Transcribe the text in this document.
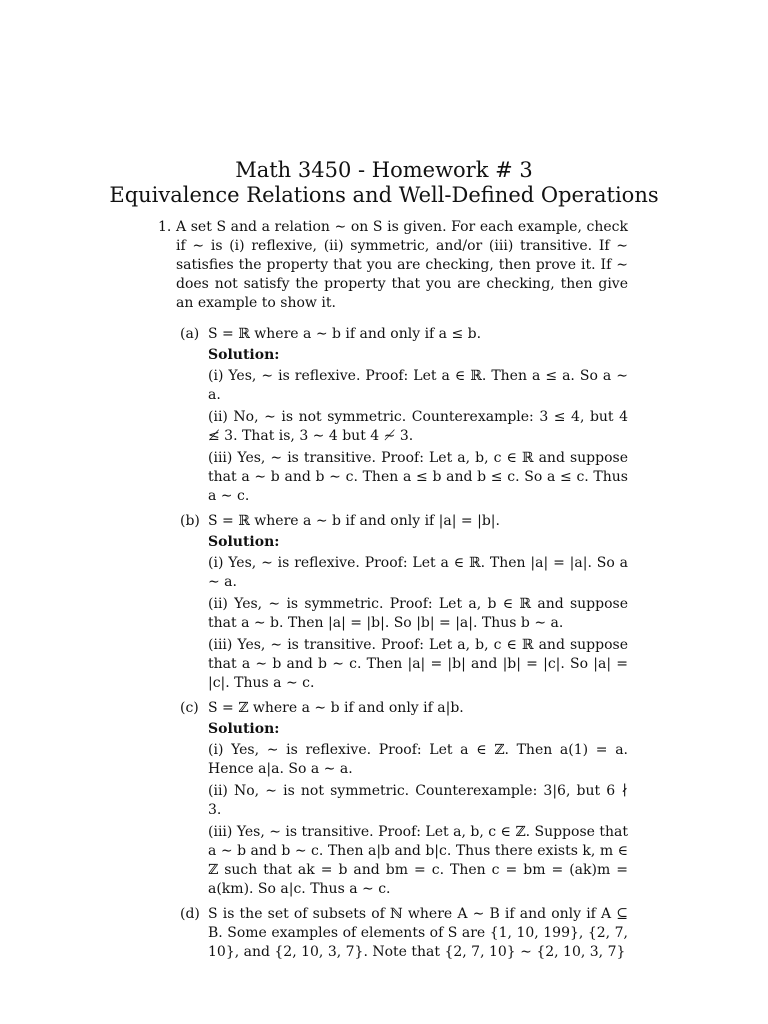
Math 3450 - Homework # 3
Equivalence Relations and Well-Defined Operations
1. A set S and a relation ∼ on S is given. For each example, check if ∼ is (i) reflexive, (ii) symmetric, and/or (iii) transitive. If ∼ satisfies the property that you are checking, then prove it. If ∼ does not satisfy the property that you are checking, then give an example to show it.
(a) S = ℝ where a ∼ b if and only if a ≤ b.
Solution:
(i) Yes, ∼ is reflexive. Proof: Let a ∈ ℝ. Then a ≤ a. So a ∼ a.
(ii) No, ∼ is not symmetric. Counterexample: 3 ≤ 4, but 4 ≰ 3. That is, 3 ∼ 4 but 4 ≁ 3.
(iii) Yes, ∼ is transitive. Proof: Let a, b, c ∈ ℝ and suppose that a ∼ b and b ∼ c. Then a ≤ b and b ≤ c. So a ≤ c. Thus a ∼ c.
(b) S = ℝ where a ∼ b if and only if |a| = |b|.
Solution:
(i) Yes, ∼ is reflexive. Proof: Let a ∈ ℝ. Then |a| = |a|. So a ∼ a.
(ii) Yes, ∼ is symmetric. Proof: Let a, b ∈ ℝ and suppose that a ∼ b. Then |a| = |b|. So |b| = |a|. Thus b ∼ a.
(iii) Yes, ∼ is transitive. Proof: Let a, b, c ∈ ℝ and suppose that a ∼ b and b ∼ c. Then |a| = |b| and |b| = |c|. So |a| = |c|. Thus a ∼ c.
(c) S = ℤ where a ∼ b if and only if a|b.
Solution:
(i) Yes, ∼ is reflexive. Proof: Let a ∈ ℤ. Then a(1) = a. Hence a|a. So a ∼ a.
(ii) No, ∼ is not symmetric. Counterexample: 3|6, but 6 ∤ 3.
(iii) Yes, ∼ is transitive. Proof: Let a, b, c ∈ ℤ. Suppose that a ∼ b and b ∼ c. Then a|b and b|c. Thus there exists k, m ∈ ℤ such that ak = b and bm = c. Then c = bm = (ak)m = a(km). So a|c. Thus a ∼ c.
(d) S is the set of subsets of ℕ where A ∼ B if and only if A ⊆ B. Some examples of elements of S are {1, 10, 199}, {2, 7, 10}, and {2, 10, 3, 7}. Note that {2, 7, 10} ∼ {2, 10, 3, 7}
